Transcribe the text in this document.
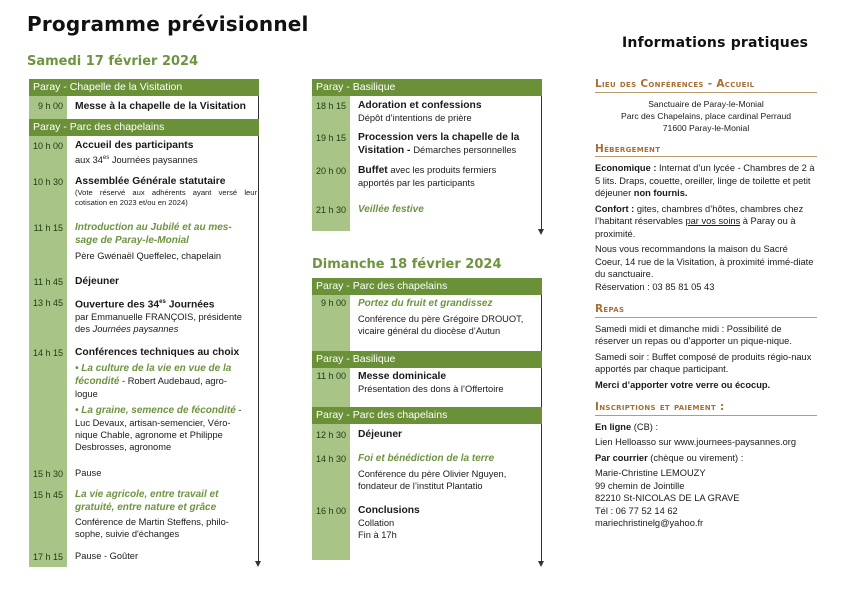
Programme prévisionnel
Samedi 17 février 2024
Informations pratiques
Paray - Chapelle de la Visitation
9 h 00	Messe à la chapelle de la Visitation
Paray - Parc des chapelains
10 h 00	Accueil des participants
aux $34^{es}$ Journées paysannes
10 h 30	Assemblée Générale statutaire
(Vote réservé aux adhérents ayant versé leur cotisation en 2023 et/ou en 2024)
11 h 15	Introduction au Jubilé et au mes-sage de Paray-le-Monial
Père Gwénaël Queffelec, chapelain
11 h 45	Déjeuner
13 h 45	Ouverture des $34^{es}$ Journées
par Emmanuelle FRANÇOIS, présidente
des Journées paysannes
14 h 15	Conférences techniques au choix
• La culture de la vie en vue de la fécondité - Robert Audebaud, agro-logue
• La graine, semence de fécondité - Luc Devaux, artisan-semencier, Véro-nique Chable, agronome et Philippe Desbrosses, agronome
15 h 30	Pause
15 h 45	La vie agricole, entre travail et gratuité, entre nature et grâce
Conférence de Martin Steffens, philo-sophe, suivie d'échanges
17 h 15	Pause - Goûter
Paray - Basilique
18 h 15	Adoration et confessions
Dépôt d’intentions de prière
19 h 15	Procession vers la chapelle de la Visitation - Démarches personnelles
20 h 00	Buffet avec les produits fermiers apportés par les participants
21 h 30	Veillée festive
Dimanche 18 février 2024
Paray - Parc des chapelains
9 h 00	Portez du fruit et grandissez
Conférence du père Grégoire DROUOT,
vicaire général du diocèse d’Autun
Paray - Basilique
11 h 00	Messe dominicale
Présentation des dons à l’Offertoire
Paray - Parc des chapelains
12 h 30	Déjeuner
14 h 30	Foi et bénédiction de la terre
Conférence du père Olivier Nguyen,
fondateur de l’institut Plantatio
16 h 00	Conclusions
Collation
Fin à 17h
Lieu des Conférences - Accueil
Sanctuaire de Paray-le-Monial
Parc des Chapelains, place cardinal Perraud
71600 Paray-le-Monial
Hébergement
Economique : Internat d’un lycée - Chambres de 2 à 5 lits. Draps, couette, oreiller, linge de toilette et petit déjeuner non fournis.
Confort : gites, chambres d’hôtes, chambres chez l’habitant réservables par vos soins à Paray ou à proximité.
Nous vous recommandons la maison du Sacré Coeur, 14 rue de la Visitation, à proximité immé-diate du sanctuaire.
Réservation : 03 85 81 05 43
Repas
Samedi midi et dimanche midi : Possibilité de réserver un repas ou d’apporter un pique-nique.
Samedi soir : Buffet composé de produits régio-naux apportés par chaque participant.
Merci d’apporter votre verre ou écocup.
Inscriptions et paiement :
En ligne (CB) :
Lien Helloasso sur www.journees-paysannes.org
Par courrier (chèque ou virement) :
Marie-Christine LEMOUZY
99 chemin de Jointille
82210 St-NICOLAS DE LA GRAVE
Tél : 06 77 52 14 62
mariechristinelg@yahoo.fr
